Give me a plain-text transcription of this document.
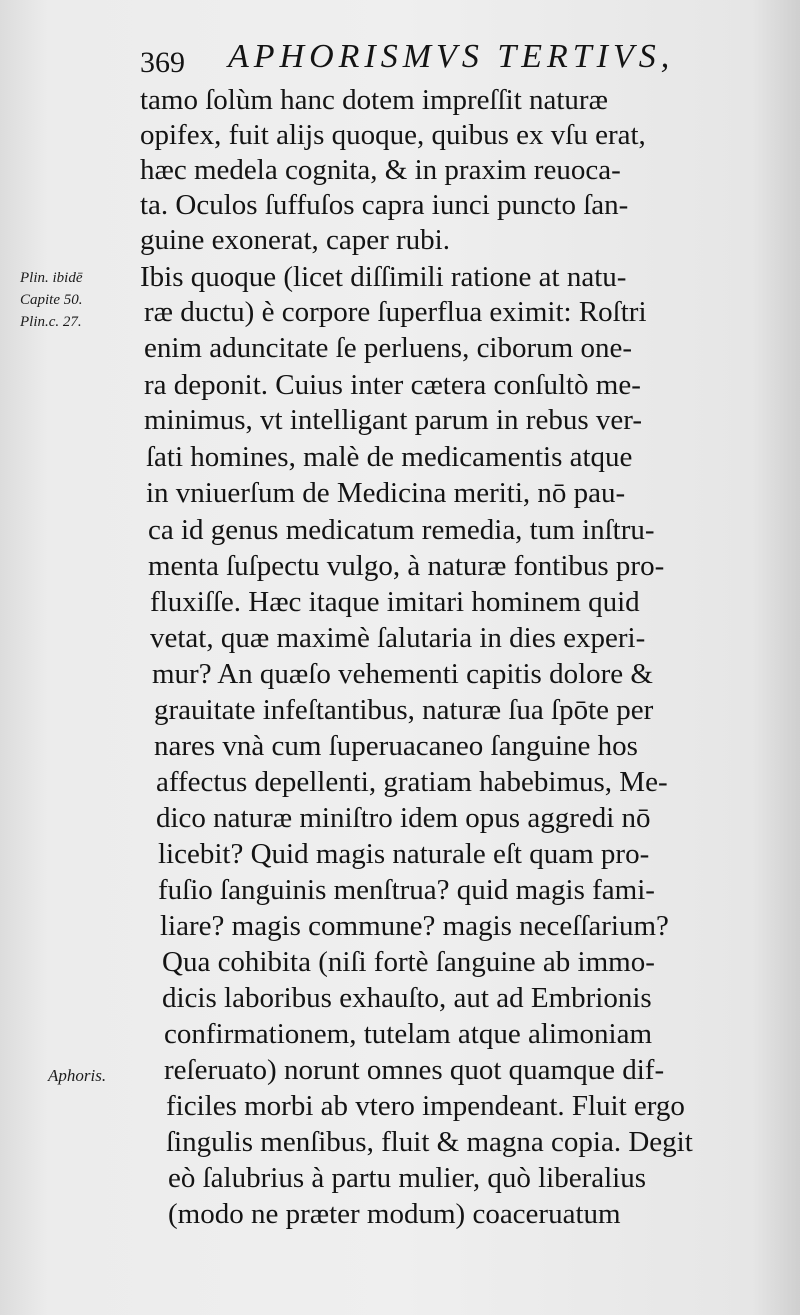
369 APHORISMVS TERTIVS,
Plin. ibidē
Capite 50.
Plin.c. 27.
Aphoris.
tamo ſolùm hanc dotem impreſſit naturæ
opifex, fuit alijs quoque, quibus ex vſu erat,
hæc medela cognita, & in praxim reuoca-
ta. Oculos ſuffuſos capra iunci puncto ſan-
guine exonerat, caper rubi.
Ibis quoque (licet diſſimili ratione at natu-
ræ ductu) è corpore ſuperflua eximit: Roſtri
enim aduncitate ſe perluens, ciborum one-
ra deponit. Cuius inter cætera conſultò me-
minimus, vt intelligant parum in rebus ver-
ſati homines, malè de medicamentis atque
in vniuerſum de Medicina meriti, nō pau-
ca id genus medicatum remedia, tum inſtru-
menta ſuſpectu vulgo, à naturæ fontibus pro-
fluxiſſe. Hæc itaque imitari hominem quid
vetat, quæ maximè ſalutaria in dies experi-
mur? An quæſo vehementi capitis dolore &
grauitate infeſtantibus, naturæ ſua ſpōte per
nares vnà cum ſuperuacaneo ſanguine hos
affectus depellenti, gratiam habebimus, Me-
dico naturæ miniſtro idem opus aggredi nō
licebit? Quid magis naturale eſt quam pro-
fuſio ſanguinis menſtrua? quid magis fami-
liare? magis commune? magis neceſſarium?
Qua cohibita (niſi fortè ſanguine ab immo-
dicis laboribus exhauſto, aut ad Embrionis
confirmationem, tutelam atque alimoniam
reſeruato) norunt omnes quot quamque dif-
ficiles morbi ab vtero impendeant. Fluit ergo
ſingulis menſibus, fluit & magna copia. Degit
eò ſalubrius à partu mulier, quò liberalius
(modo ne præter modum) coaceruatum
